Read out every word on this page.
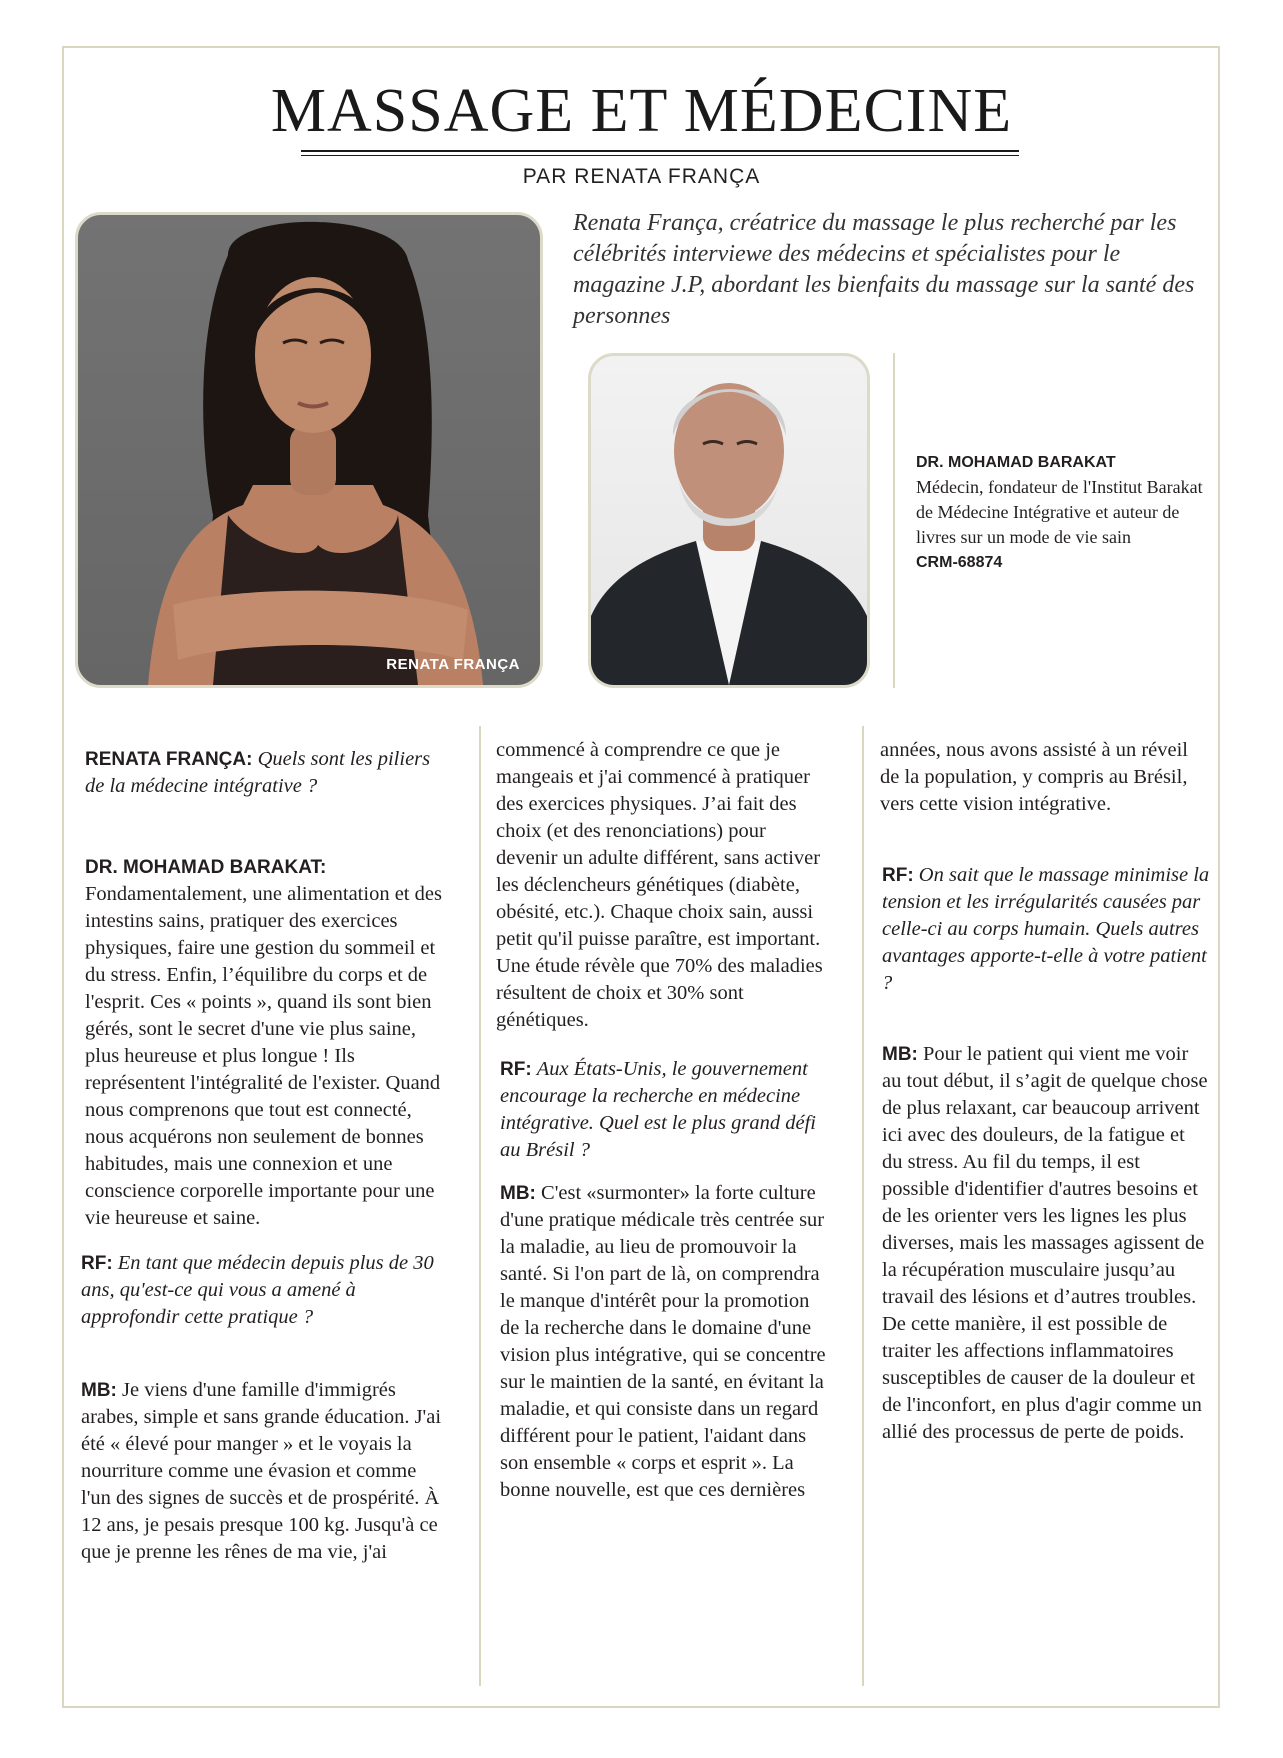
MASSAGE ET MÉDECINE
PAR RENATA FRANÇA
RENATA FRANÇA
Renata França, créatrice du massage le plus recherché par les célébrités interviewe des médecins et spécialistes pour le magazine J.P, abordant les bienfaits du massage sur la santé des personnes
DR. MOHAMAD BARAKAT
Médecin, fondateur de l'Institut Barakat de Médecine Intégrative et auteur de livres sur un mode de vie sain
CRM-68874

RENATA FRANÇA: Quels sont les piliers de la médecine intégrative ?

DR. MOHAMAD BARAKAT: Fondamentalement, une alimentation et des intestins sains, pratiquer des exercices physiques, faire une gestion du sommeil et du stress. Enfin, l’équilibre du corps et de l'esprit. Ces « points », quand ils sont bien gérés, sont le secret d'une vie plus saine, plus heureuse et plus longue ! Ils représentent l'intégralité de l'exister. Quand nous comprenons que tout est connecté, nous acquérons non seulement de bonnes habitudes, mais une connexion et une conscience corporelle importante pour une vie heureuse et saine.

RF: En tant que médecin depuis plus de 30 ans, qu'est-ce qui vous a amené à approfondir cette pratique ?

MB: Je viens d'une famille d'immigrés arabes, simple et sans grande éducation. J'ai été « élevé pour manger » et le voyais la nourriture comme une évasion et comme l'un des signes de succès et de prospérité. À 12 ans, je pesais presque 100 kg. Jusqu'à ce que je prenne les rênes de ma vie, j'ai

commencé à comprendre ce que je mangeais et j'ai commencé à pratiquer des exercices physiques. J’ai fait des choix (et des renonciations) pour devenir un adulte différent, sans activer les déclencheurs génétiques (diabète, obésité, etc.). Chaque choix sain, aussi petit qu'il puisse paraître, est important. Une étude révèle que 70% des maladies résultent de choix et 30% sont génétiques.

RF: Aux États-Unis, le gouvernement encourage la recherche en médecine intégrative. Quel est le plus grand défi au Brésil ?

MB: C'est «surmonter» la forte culture d'une pratique médicale très centrée sur la maladie, au lieu de promouvoir la santé. Si l'on part de là, on comprendra le manque d'intérêt pour la promotion de la recherche dans le domaine d'une vision plus intégrative, qui se concentre sur le maintien de la santé, en évitant la maladie, et qui consiste dans un regard différent pour le patient, l'aidant dans son ensemble « corps et esprit ». La bonne nouvelle, est que ces dernières

années, nous avons assisté à un réveil de la population, y compris au Brésil, vers cette vision intégrative.

RF: On sait que le massage minimise la tension et les irrégularités causées par celle-ci au corps humain. Quels autres avantages apporte-t-elle à votre patient ?

MB: Pour le patient qui vient me voir au tout début, il s’agit de quelque chose de plus relaxant, car beaucoup arrivent ici avec des douleurs, de la fatigue et du stress. Au fil du temps, il est possible d'identifier d'autres besoins et de les orienter vers les lignes les plus diverses, mais les massages agissent de la récupération musculaire jusqu’au travail des lésions et d’autres troubles. De cette manière, il est possible de traiter les affections inflammatoires susceptibles de causer de la douleur et de l'inconfort, en plus d'agir comme un allié des processus de perte de poids.
